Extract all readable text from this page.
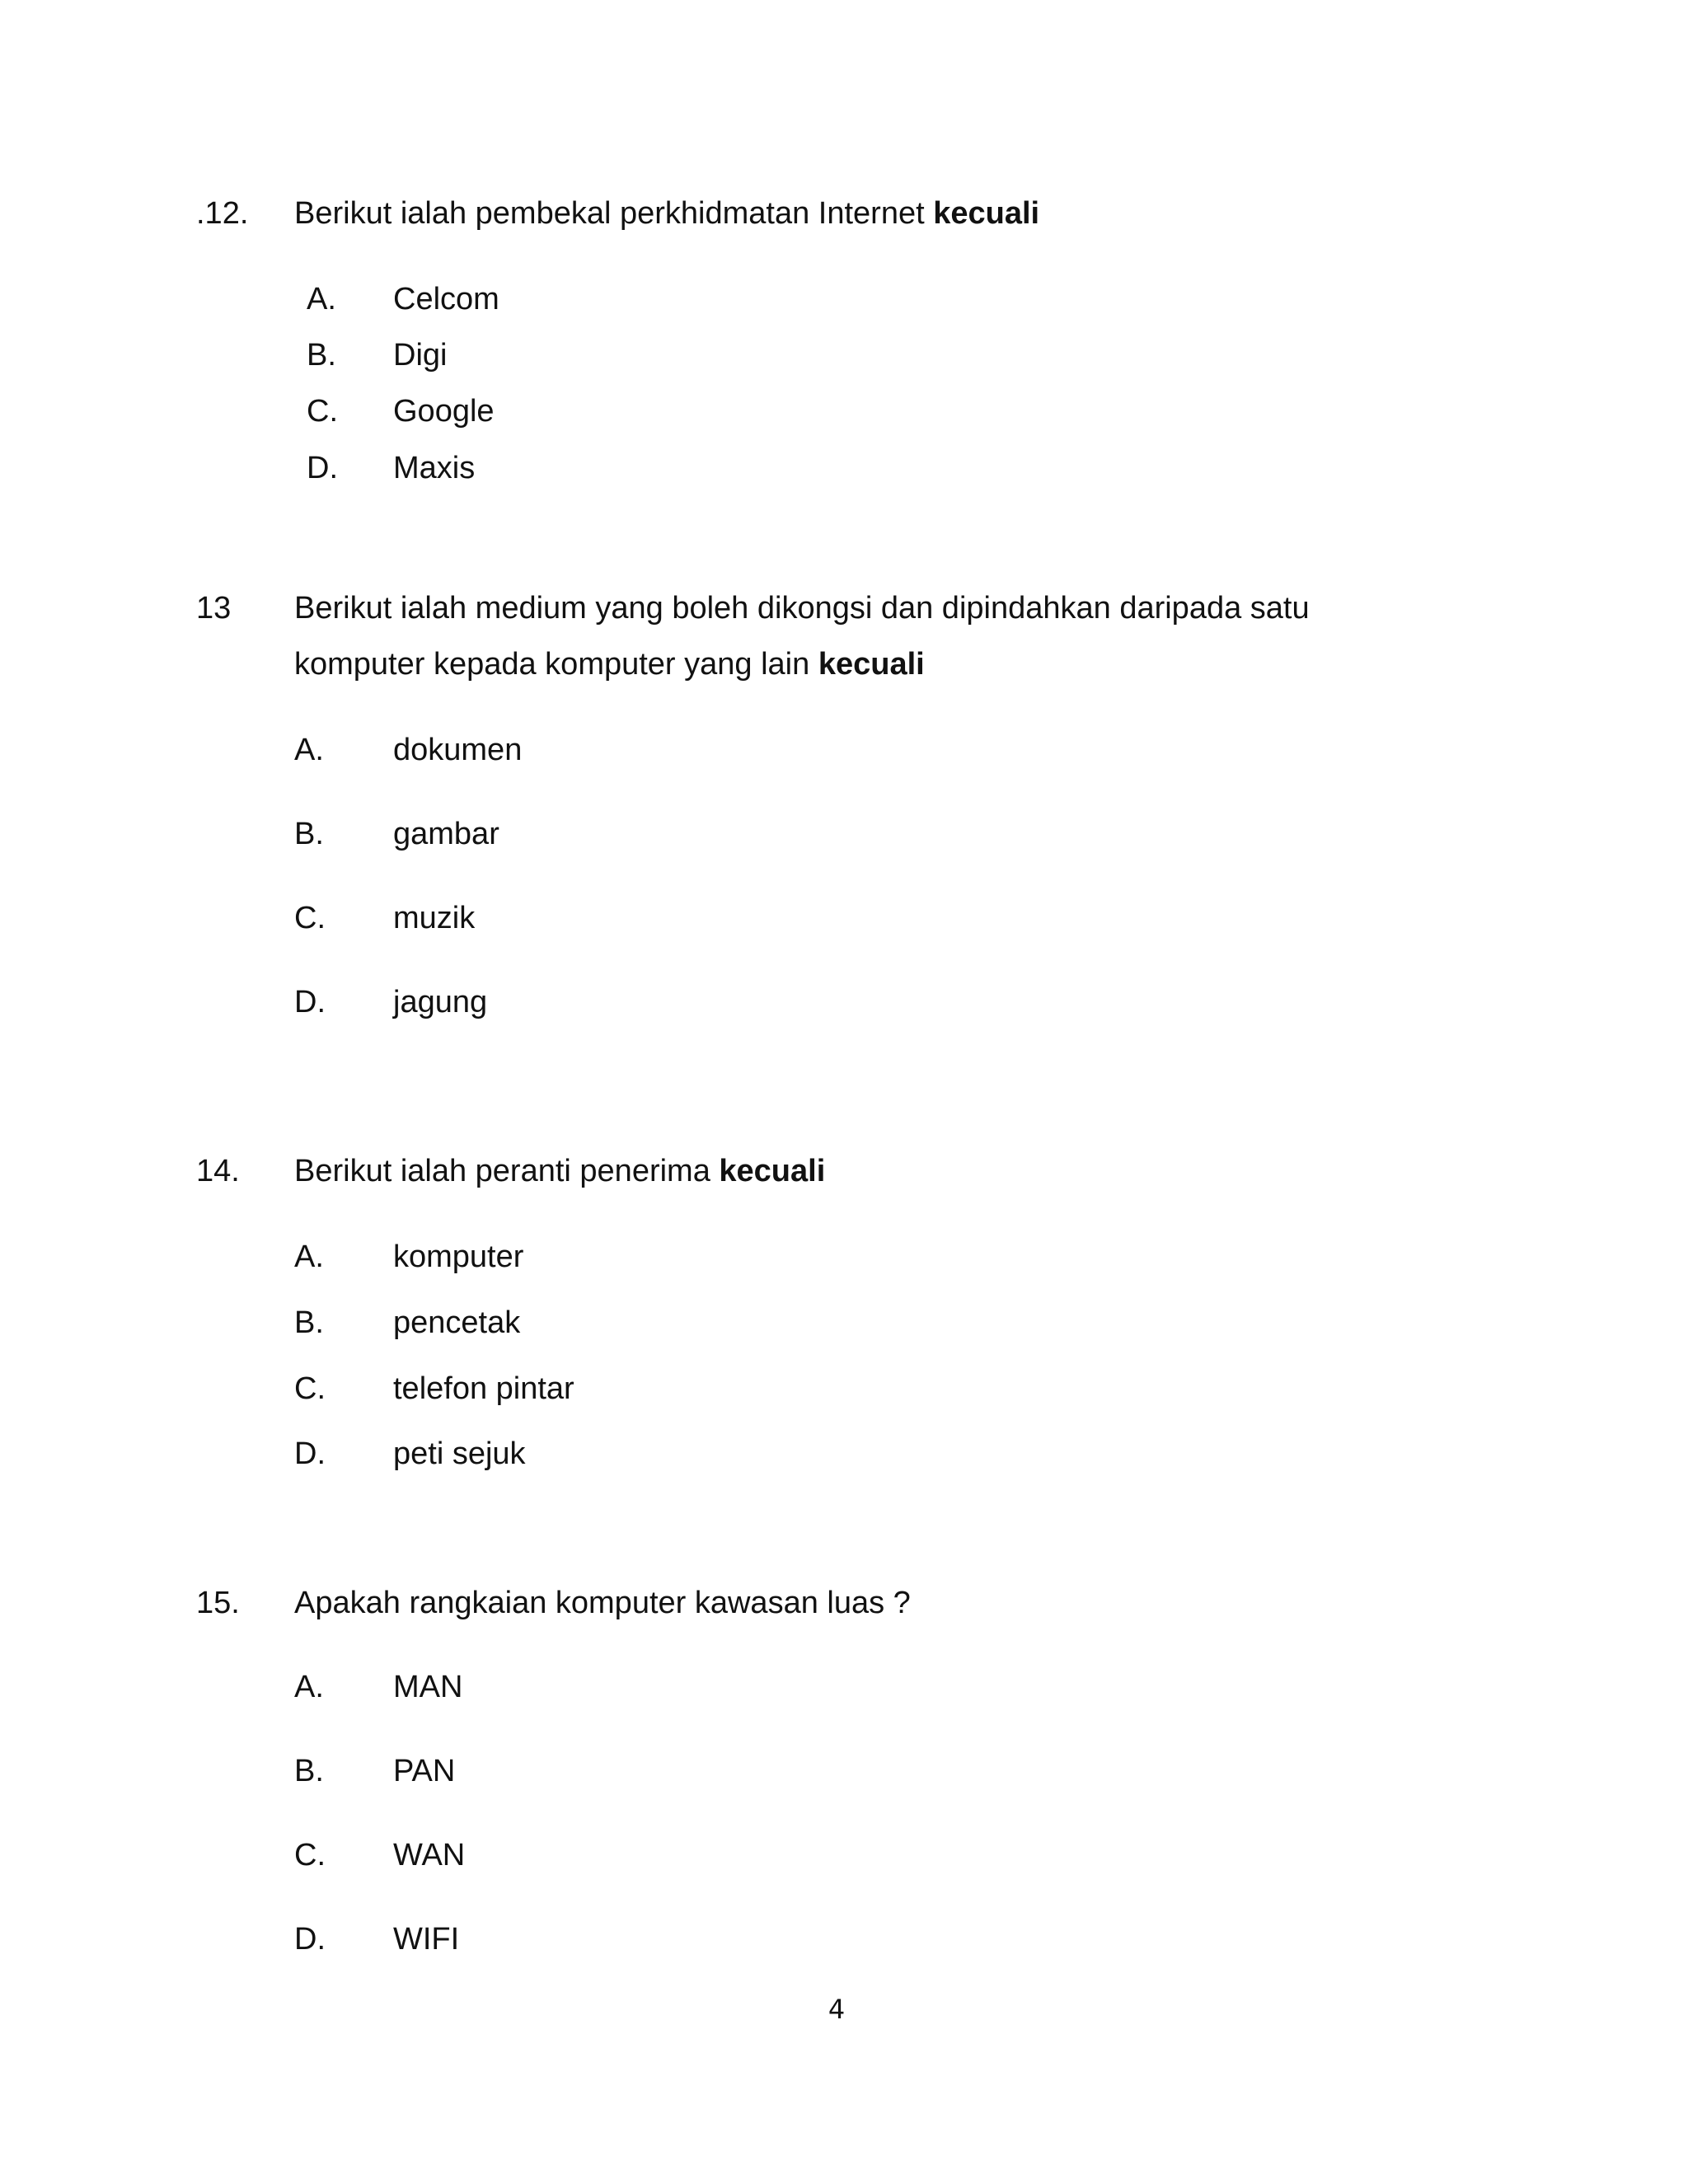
.12. Berikut ialah pembekal perkhidmatan Internet kecuali
A. Celcom
B. Digi
C. Google
D. Maxis
13 Berikut ialah medium yang boleh dikongsi dan dipindahkan daripada satu
komputer kepada komputer yang lain kecuali
A. dokumen
B. gambar
C. muzik
D. jagung
14. Berikut ialah peranti penerima kecuali
A. komputer
B. pencetak
C. telefon pintar
D. peti sejuk
15. Apakah rangkaian komputer kawasan luas ?
A. MAN
B. PAN
C. WAN
D. WIFI
4
